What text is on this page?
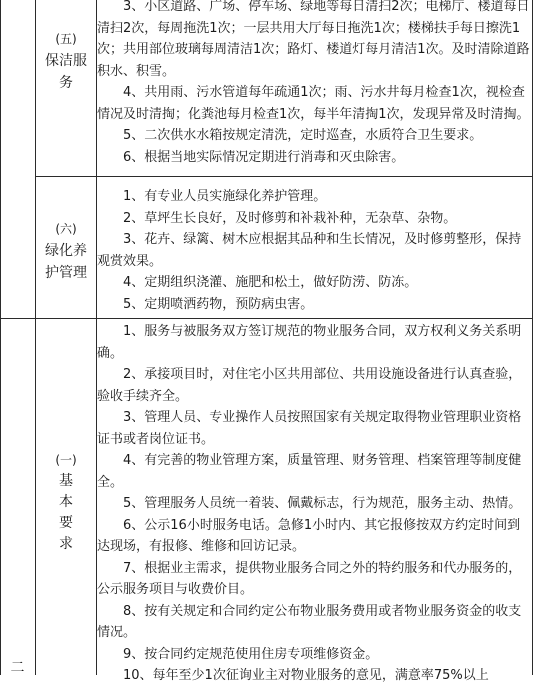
(五)
保洁服
务

3、小区道路、广场、停车场、绿地等每日清扫2次；电梯厅、楼道每日清扫2次，每周拖洗1次；一层共用大厅每日拖洗1次；楼梯扶手每日擦洗1次；共用部位玻璃每周清洁1次；路灯、楼道灯每月清洁1次。及时清除道路积水、积雪。

4、共用雨、污水管道每年疏通1次；雨、污水井每月检查1次，视检查情况及时清掏；化粪池每月检查1次，每半年清掏1次，发现异常及时清掏。

5、二次供水水箱按规定清洗，定时巡查，水质符合卫生要求。

6、根据当地实际情况定期进行消毒和灭虫除害。

(六)
绿化养
护管理

1、有专业人员实施绿化养护管理。

2、草坪生长良好，及时修剪和补栽补种，无杂草、杂物。

3、花卉、绿篱、树木应根据其品种和生长情况，及时修剪整形，保持观赏效果。

4、定期组织浇灌、施肥和松土，做好防涝、防冻。

5、定期喷洒药物，预防病虫害。

二
(一)
基
本
要
求

1、服务与被服务双方签订规范的物业服务合同，双方权利义务关系明确。

2、承接项目时，对住宅小区共用部位、共用设施设备进行认真查验，验收手续齐全。

3、管理人员、专业操作人员按照国家有关规定取得物业管理职业资格证书或者岗位证书。

4、有完善的物业管理方案，质量管理、财务管理、档案管理等制度健全。

5、管理服务人员统一着装、佩戴标志，行为规范，服务主动、热情。

6、公示16小时服务电话。急修1小时内、其它报修按双方约定时间到达现场，有报修、维修和回访记录。

7、根据业主需求，提供物业服务合同之外的特约服务和代办服务的，公示服务项目与收费价目。

8、按有关规定和合同约定公布物业服务费用或者物业服务资金的收支情况。

9、按合同约定规范使用住房专项维修资金。

10、每年至少1次征询业主对物业服务的意见，满意率75%以上
